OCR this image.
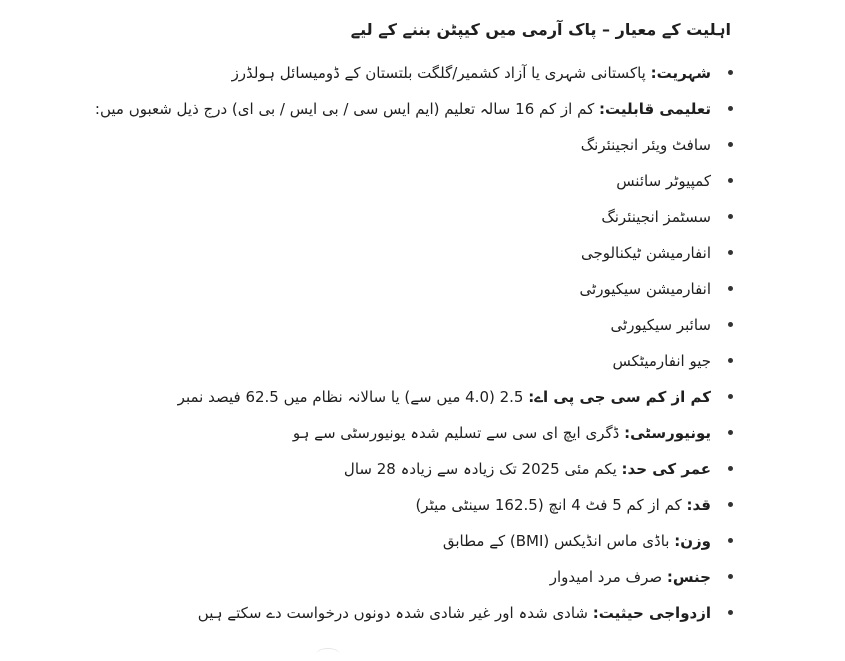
اہلیت کے معیار – پاک آرمی میں کیپٹن بننے کے لیے
شہریت: پاکستانی شہری یا آزاد کشمیر/گلگت بلتستان کے ڈومیسائل ہولڈرز
تعلیمی قابلیت: کم از کم 16 سالہ تعلیم (ایم ایس سی / بی ایس / بی ای) درج ذیل شعبوں میں:
سافٹ ویئر انجینئرنگ
کمپیوٹر سائنس
سسٹمز انجینئرنگ
انفارمیشن ٹیکنالوجی
انفارمیشن سیکیورٹی
سائبر سیکیورٹی
جیو انفارمیٹکس
کم از کم سی جی پی اے: 2.5 (4.0 میں سے) یا سالانہ نظام میں 62.5 فیصد نمبر
یونیورسٹی: ڈگری ایچ ای سی سے تسلیم شدہ یونیورسٹی سے ہو
عمر کی حد: یکم مئی 2025 تک زیادہ سے زیادہ 28 سال
قد: کم از کم 5 فٹ 4 انچ (162.5 سینٹی میٹر)
وزن: باڈی ماس انڈیکس (BMI) کے مطابق
جنس: صرف مرد امیدوار
ازدواجی حیثیت: شادی شدہ اور غیر شادی شدہ دونوں درخواست دے سکتے ہیں
